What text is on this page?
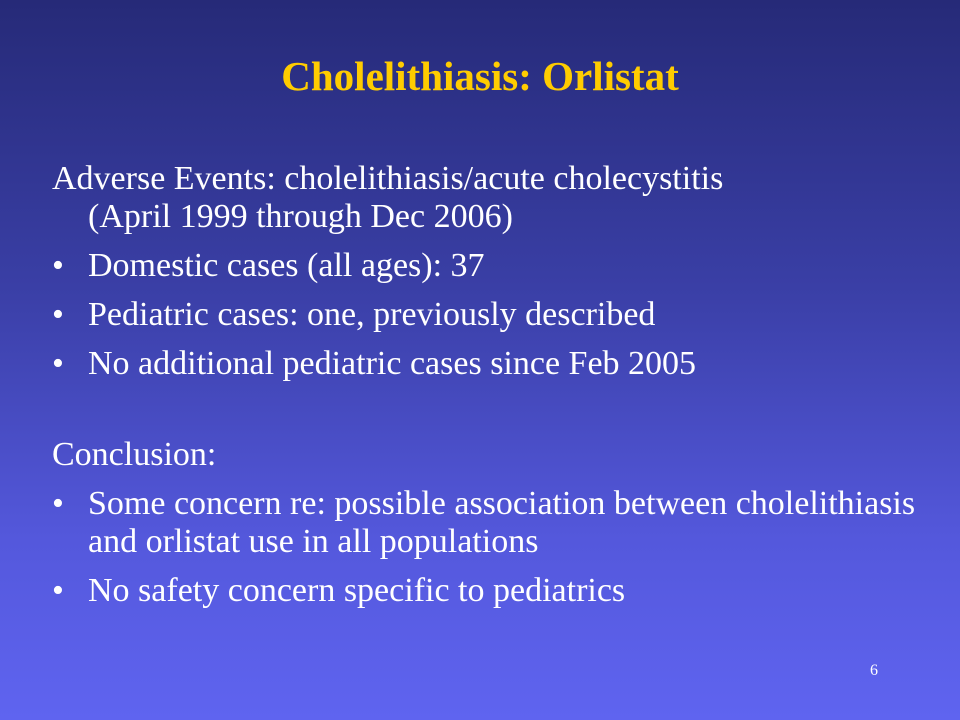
Cholelithiasis: Orlistat

Adverse Events: cholelithiasis/acute cholecystitis

(April 1999 through Dec 2006)

• Domestic cases (all ages): 37

• Pediatric cases: one, previously described

• No additional pediatric cases since Feb 2005

Conclusion:

• Some concern re: possible association between cholelithiasis and orlistat use in all populations

• No safety concern specific to pediatrics

6
